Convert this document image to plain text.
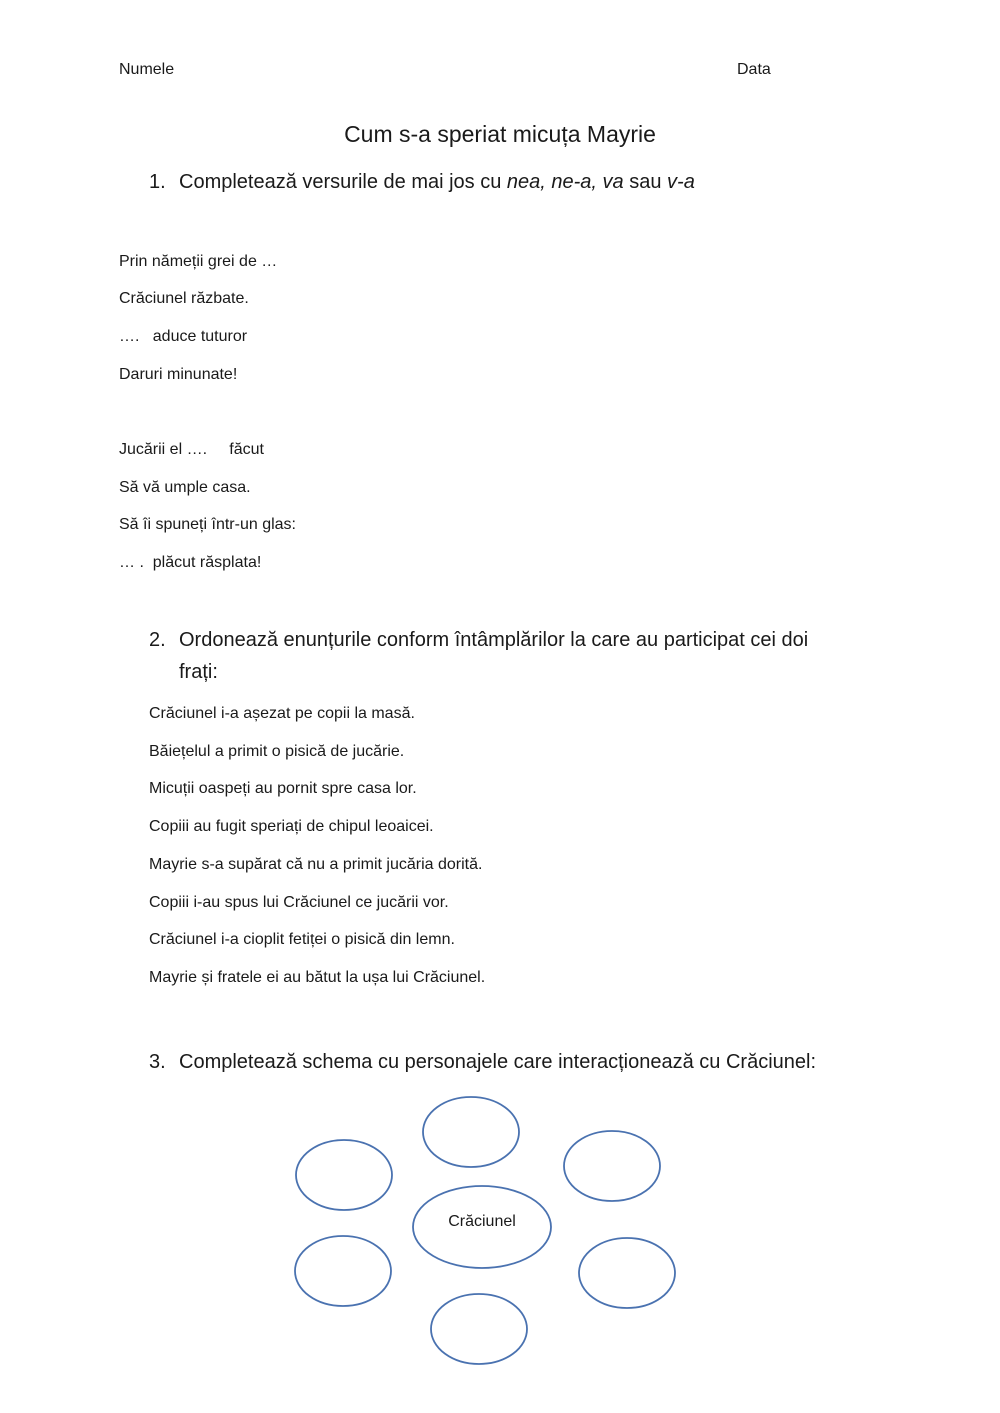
Numele	Data
Cum s-a speriat micuța Mayrie
1. Completează versurile de mai jos cu nea, ne-a, va sau v-a
Prin nămeții grei de …
Crăciunel răzbate.
….   aduce tuturor
Daruri minunate!
Jucării el ….     făcut
Să vă umple casa.
Să îi spuneți într-un glas:
… .  plăcut răsplata!
2. Ordonează enunțurile conform întâmplărilor la care au participat cei doi
frați:
Crăciunel i-a așezat pe copii la masă.
Băiețelul a primit o pisică de jucărie.
Micuții oaspeți au pornit spre casa lor.
Copiii au fugit speriați de chipul leoaicei.
Mayrie s-a supărat că nu a primit jucăria dorită.
Copiii i-au spus lui Crăciunel ce jucării vor.
Crăciunel i-a cioplit fetiței o pisică din lemn.
Mayrie și fratele ei au bătut la ușa lui Crăciunel.
3. Completează schema cu personajele care interacționează cu Crăciunel:
Crăciunel
